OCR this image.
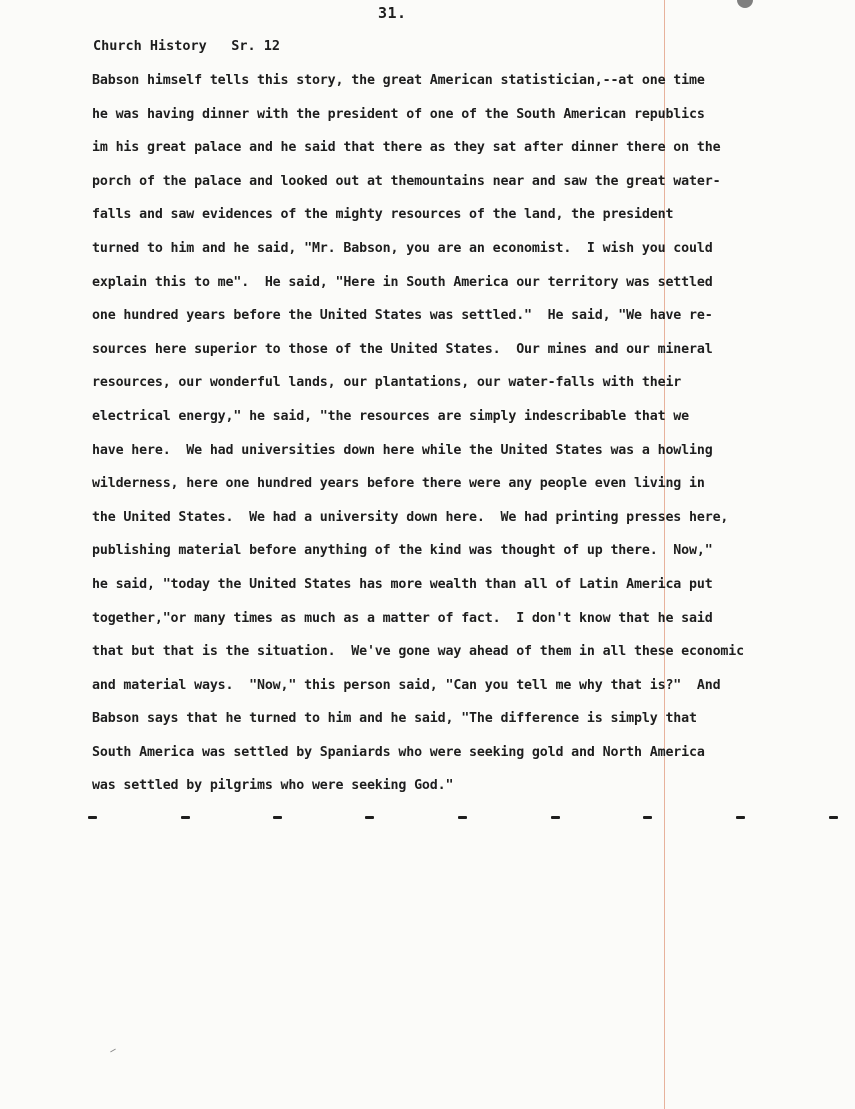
31.
Church History Sr. 12
Babson himself tells this story, the great American statistician,--at one time
he was having dinner with the president of one of the South American republics
im his great palace and he said that there as they sat after dinner there on the
porch of the palace and looked out at themountains near and saw the great water-
falls and saw evidences of the mighty resources of the land, the president
turned to him and he said, "Mr. Babson, you are an economist.  I wish you could
explain this to me".  He said, "Here in South America our territory was settled
one hundred years before the United States was settled."  He said, "We have re-
sources here superior to those of the United States.  Our mines and our mineral
resources, our wonderful lands, our plantations, our water-falls with their
electrical energy," he said, "the resources are simply indescribable that we
have here.  We had universities down here while the United States was a howling
wilderness, here one hundred years before there were any people even living in
the United States.  We had a university down here.  We had printing presses here,
publishing material before anything of the kind was thought of up there.  Now,"
he said, "today the United States has more wealth than all of Latin America put
together,"or many times as much as a matter of fact.  I don't know that he said
that but that is the situation.  We've gone way ahead of them in all these economic
and material ways.  "Now," this person said, "Can you tell me why that is?"  And
Babson says that he turned to him and he said, "The difference is simply that
South America was settled by Spaniards who were seeking gold and North America
was settled by pilgrims who were seeking God."
